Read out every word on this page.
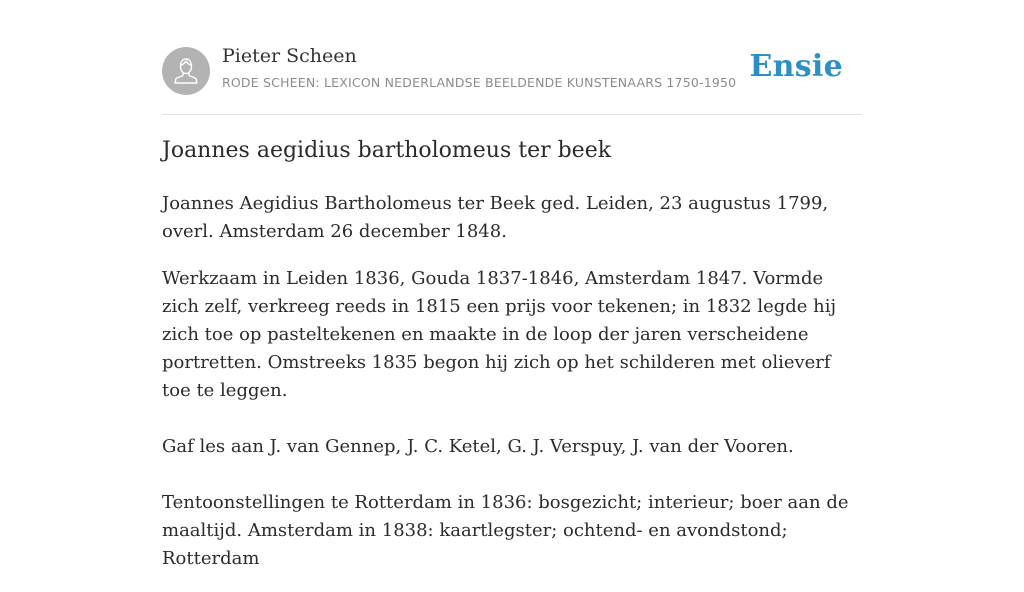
Pieter Scheen
RODE SCHEEN: LEXICON NEDERLANDSE BEELDENDE KUNSTENAARS 1750-1950 Ensie
Joannes aegidius bartholomeus ter beek

Joannes Aegidius Bartholomeus ter Beek ged. Leiden, 23 augustus 1799, overl. Amsterdam 26 december 1848.

Werkzaam in Leiden 1836, Gouda 1837-1846, Amsterdam 1847. Vormde zich zelf, verkreeg reeds in 1815 een prijs voor tekenen; in 1832 legde hij zich toe op pasteltekenen en maakte in de loop der jaren verscheidene portretten. Omstreeks 1835 begon hij zich op het schilderen met olieverf toe te leggen.

Gaf les aan J. van Gennep, J. C. Ketel, G. J. Verspuy, J. van der Vooren.

Tentoonstellingen te Rotterdam in 1836: bosgezicht; interieur; boer aan de maaltijd. Amsterdam in 1838: kaartlegster; ochtend- en avondstond; Rotterdam
